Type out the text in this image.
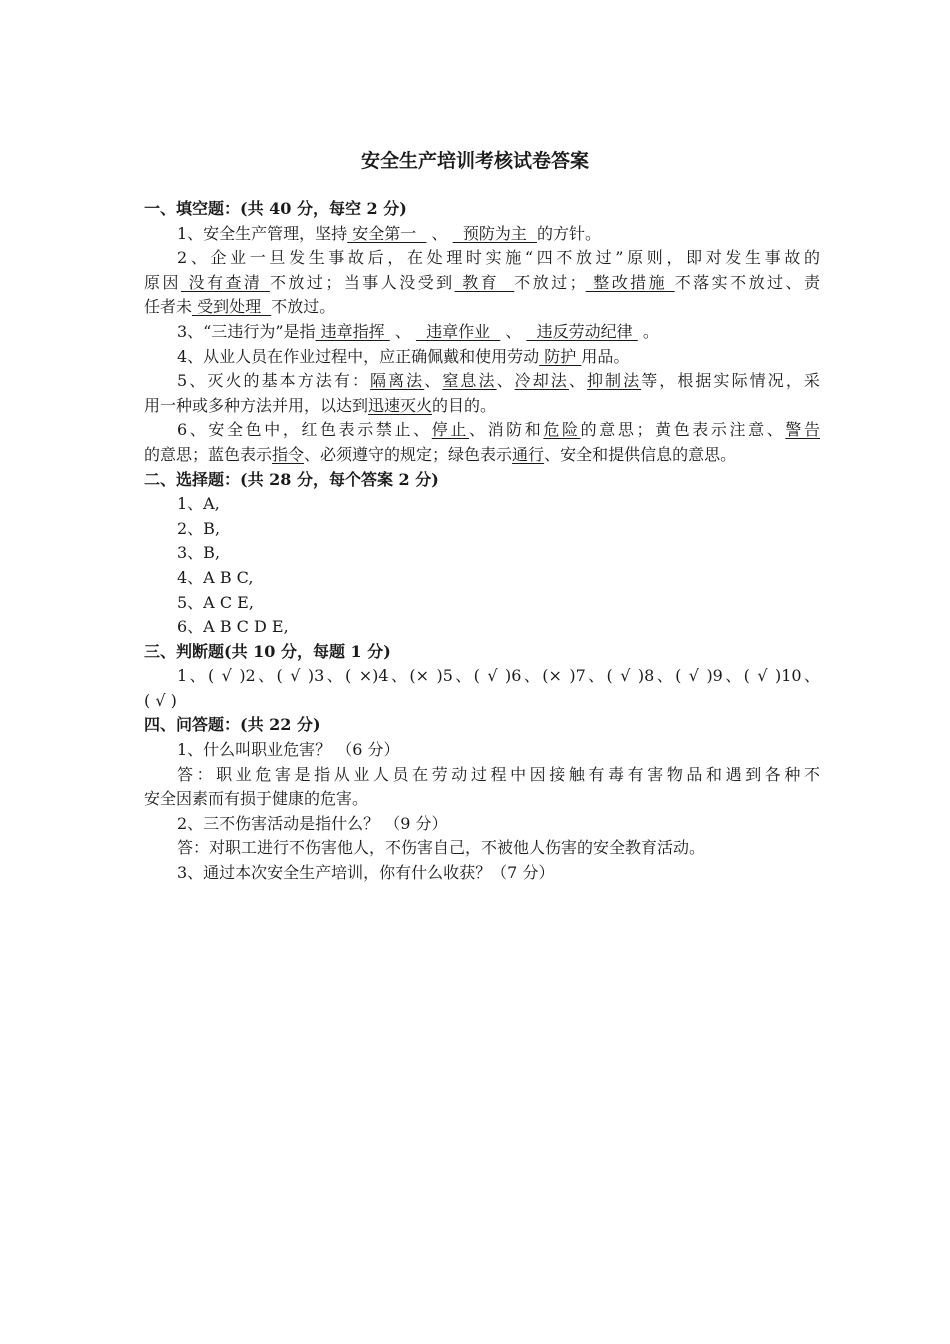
安全生产培训考核试卷答案
一、填空题：(共 40 分，每空 2 分)
1、安全生产管理，坚持 安全第一   、   预防为主  的方针。
2、企业一旦发生事故后，在处理时实施“四不放过”原则，即对发生事故的
原因 没有查清 不放过；当事人没受到 教育  不放过； 整改措施 不落实不放过、责
任者未 受到处理  不放过。
3、“三违行为”是指 违章指挥  、   违章作业   、   违反劳动纪律  。
4、从业人员在作业过程中，应正确佩戴和使用劳动 防护 用品。
5、灭火的基本方法有：隔离法、窒息法、冷却法、抑制法等，根据实际情况，采
用一种或多种方法并用，以达到迅速灭火的目的。
6、安全色中，红色表示禁止、停止、消防和危险的意思；黄色表示注意、警告
的意思；蓝色表示指令、必须遵守的规定；绿色表示通行、安全和提供信息的意思。
二、选择题：(共 28 分，每个答案 2 分)
1、A,
2、B,
3、B,
4、A B C,
5、A C E,
6、A B C D E,
三、判断题(共 10 分，每题 1 分)
1、( √ )2、( √ )3、( ×)4、(× )5、( √ )6、(× )7、( √ )8、( √ )9、( √ )10、
( √ )
四、问答题：(共 22 分)
1、什么叫职业危害？ （6 分）
答：职业危害是指从业人员在劳动过程中因接触有毒有害物品和遇到各种不
安全因素而有损于健康的危害。
2、三不伤害活动是指什么？ （9 分）
答：对职工进行不伤害他人，不伤害自己，不被他人伤害的安全教育活动。
3、通过本次安全生产培训，你有什么收获？（7 分）
